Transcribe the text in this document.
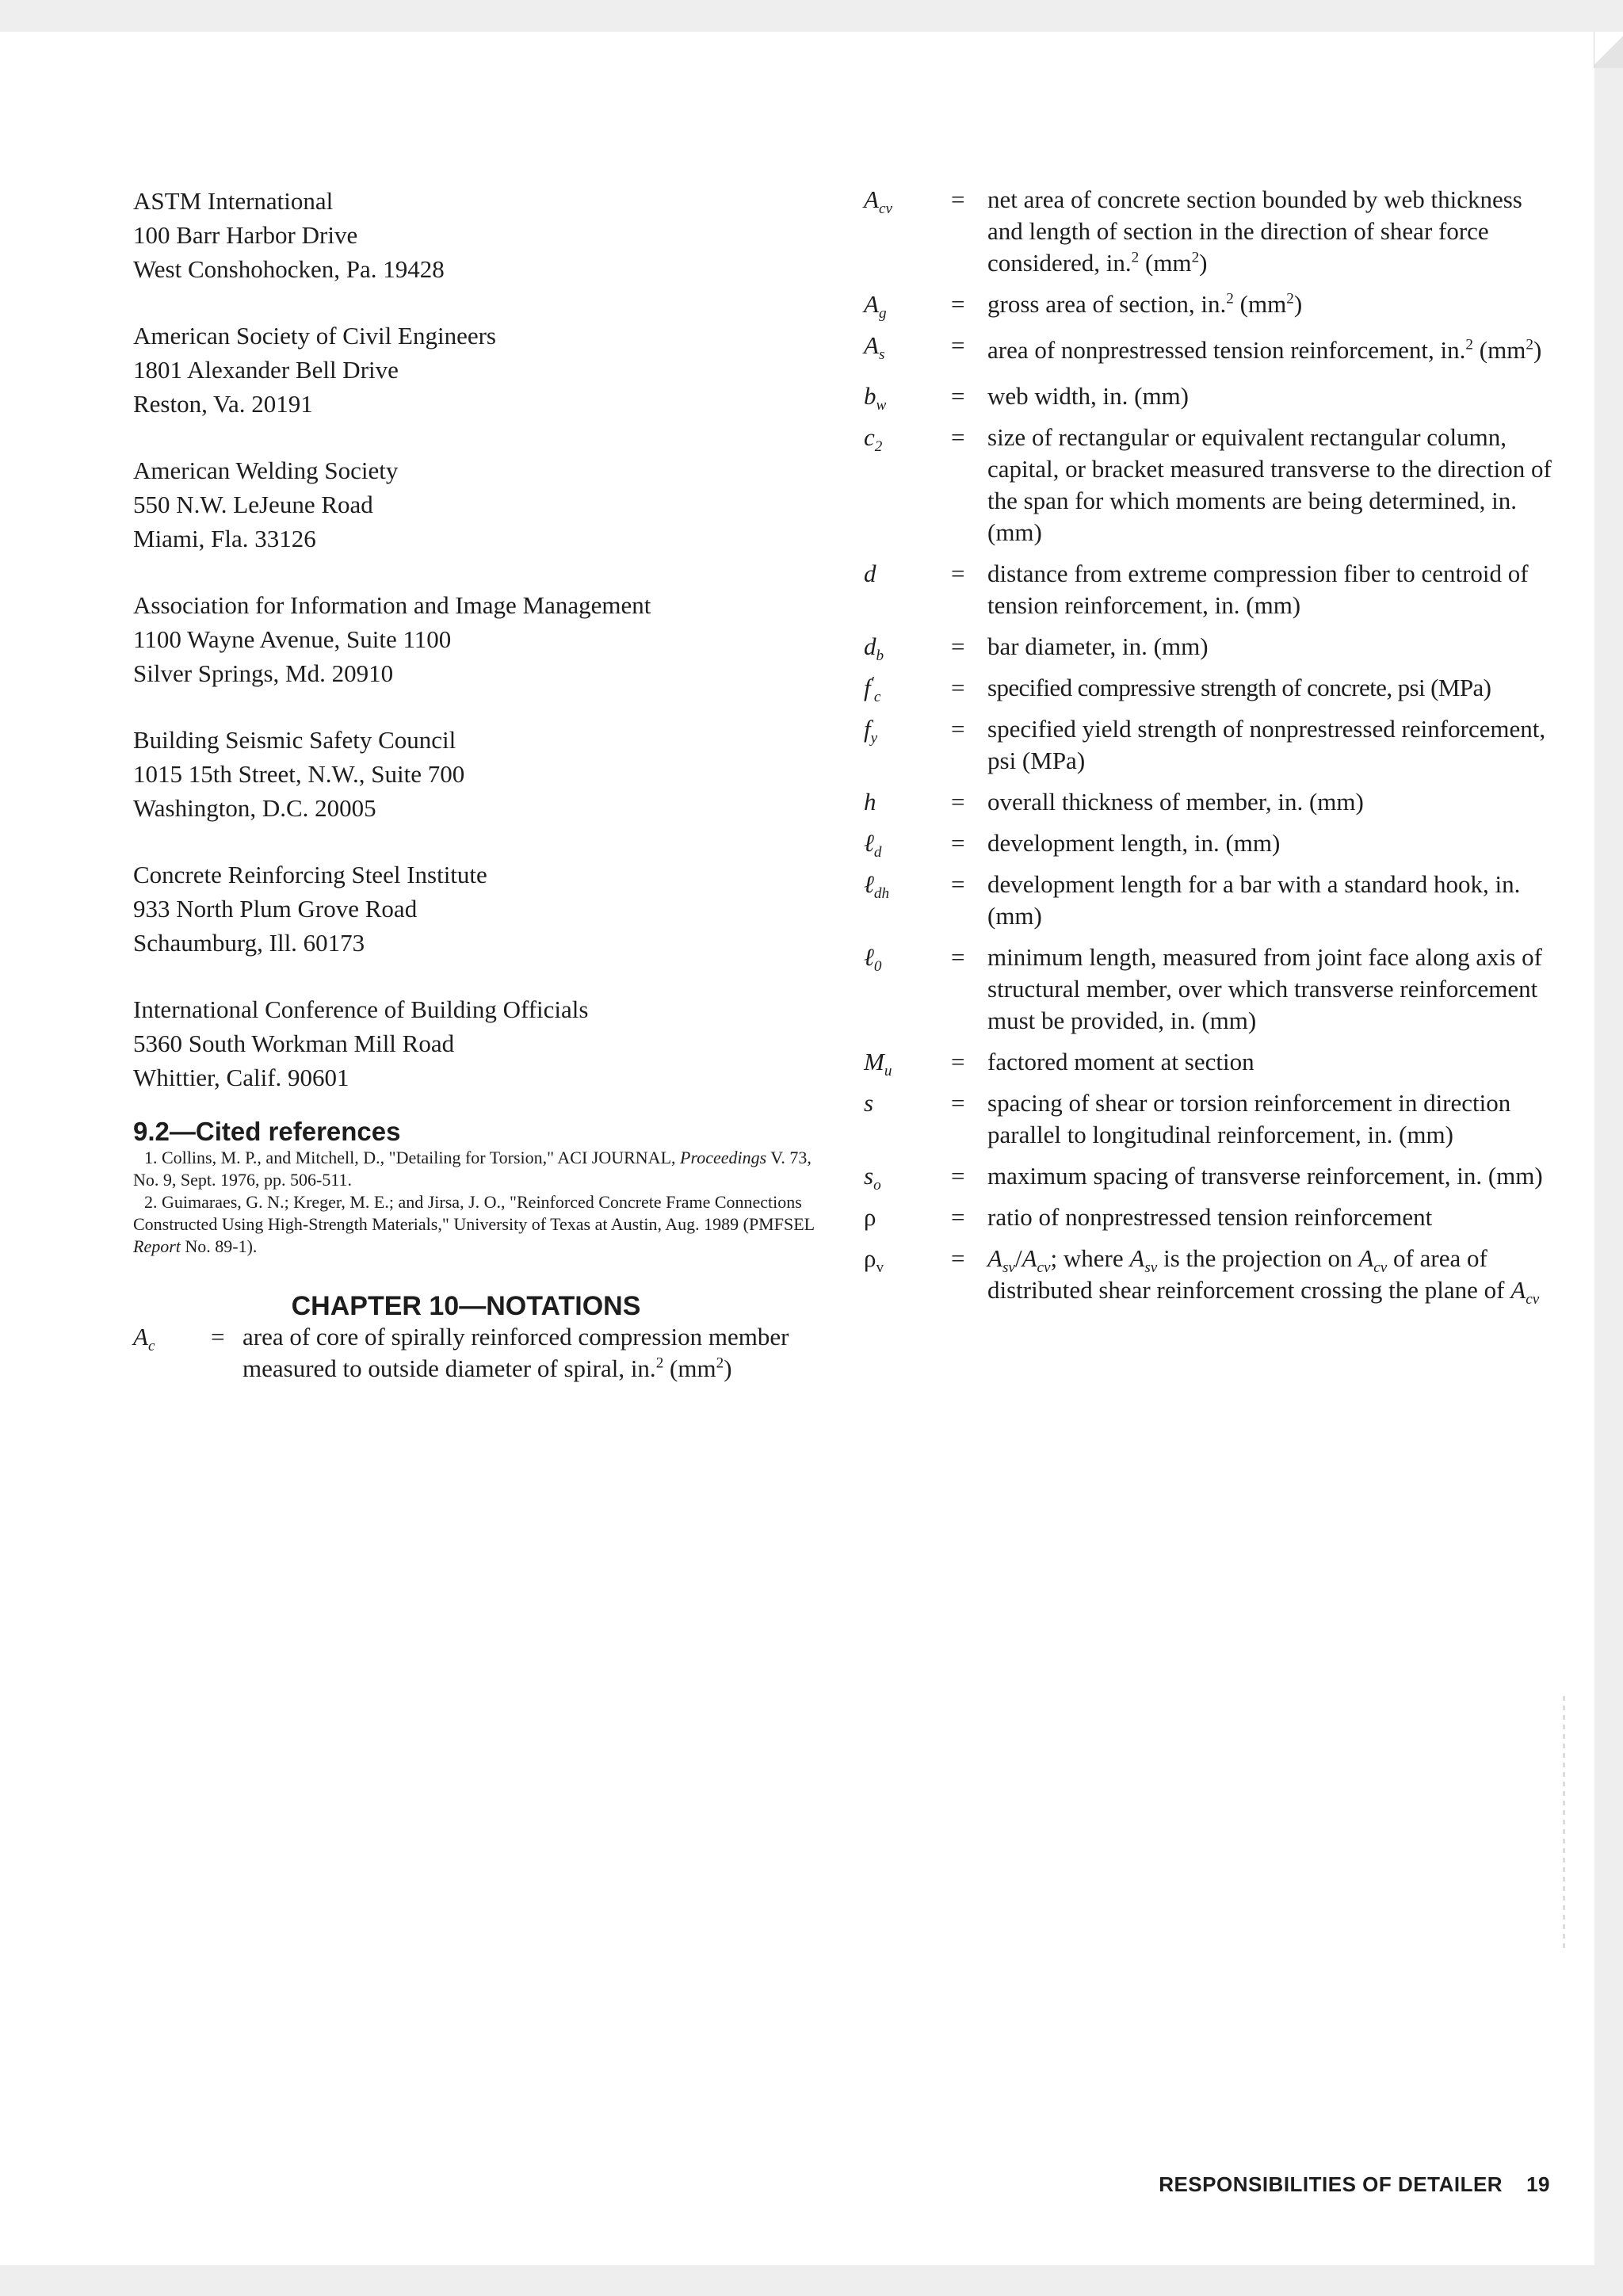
ASTM International
100 Barr Harbor Drive
West Conshohocken, Pa. 19428
American Society of Civil Engineers
1801 Alexander Bell Drive
Reston, Va. 20191
American Welding Society
550 N.W. LeJeune Road
Miami, Fla. 33126
Association for Information and Image Management
1100 Wayne Avenue, Suite 1100
Silver Springs, Md. 20910
Building Seismic Safety Council
1015 15th Street, N.W., Suite 700
Washington, D.C. 20005
Concrete Reinforcing Steel Institute
933 North Plum Grove Road
Schaumburg, Ill. 60173
International Conference of Building Officials
5360 South Workman Mill Road
Whittier, Calif. 90601
9.2—Cited references

1. Collins, M. P., and Mitchell, D., "Detailing for Torsion," ACI JOURNAL, Proceedings V. 73, No. 9, Sept. 1976, pp. 506-511.

2. Guimaraes, G. N.; Kreger, M. E.; and Jirsa, J. O., "Reinforced Concrete Frame Connections Constructed Using High-Strength Materials," University of Texas at Austin, Aug. 1989 (PMFSEL Report No. 89-1).

CHAPTER 10—NOTATIONS
$A_c$	= area of core of spirally reinforced compression member measured to outside diameter of spiral, in.$^2$ $(mm^2)$
$A_{cv}$	= net area of concrete section bounded by web thickness and length of section in the direction of shear force considered, in.$^2$ $(mm^2)$
$A_g$	= gross area of section, in.$^2$ $(mm^2)$
$A_s$	= area of nonprestressed tension reinforcement, in.$^2$ $(mm^2)$
$b_w$	= web width, in. (mm)
$c_2$	= size of rectangular or equivalent rectangular column, capital, or bracket measured transverse to the direction of the span for which moments are being determined, in. (mm)
d	= distance from extreme compression fiber to centroid of tension reinforcement, in. (mm)
$d_b$	= bar diameter, in. (mm)
$f'_c$	= specified compressive strength of concrete, psi (MPa)
$f_y$	= specified yield strength of nonprestressed reinforcement, psi (MPa)
h	= overall thickness of member, in. (mm)
ℓ$_d$	= development length, in. (mm)
ℓ$_{dh}$	= development length for a bar with a standard hook, in. (mm)
ℓ$_0$	= minimum length, measured from joint face along axis of structural member, over which transverse reinforcement must be provided, in. (mm)
$M_u$	= factored moment at section
s	= spacing of shear or torsion reinforcement in direction parallel to longitudinal reinforcement, in. (mm)
$s_o$	= maximum spacing of transverse reinforcement, in. (mm)
ρ	= ratio of nonprestressed tension reinforcement
$\rho_v$	= $A_{sv}/A_{cv}$; where $A_{sv}$ is the projection on $A_{cv}$ of area of distributed shear reinforcement crossing the plane of $A_{cv}$
RESPONSIBILITIES OF DETAILER 19
